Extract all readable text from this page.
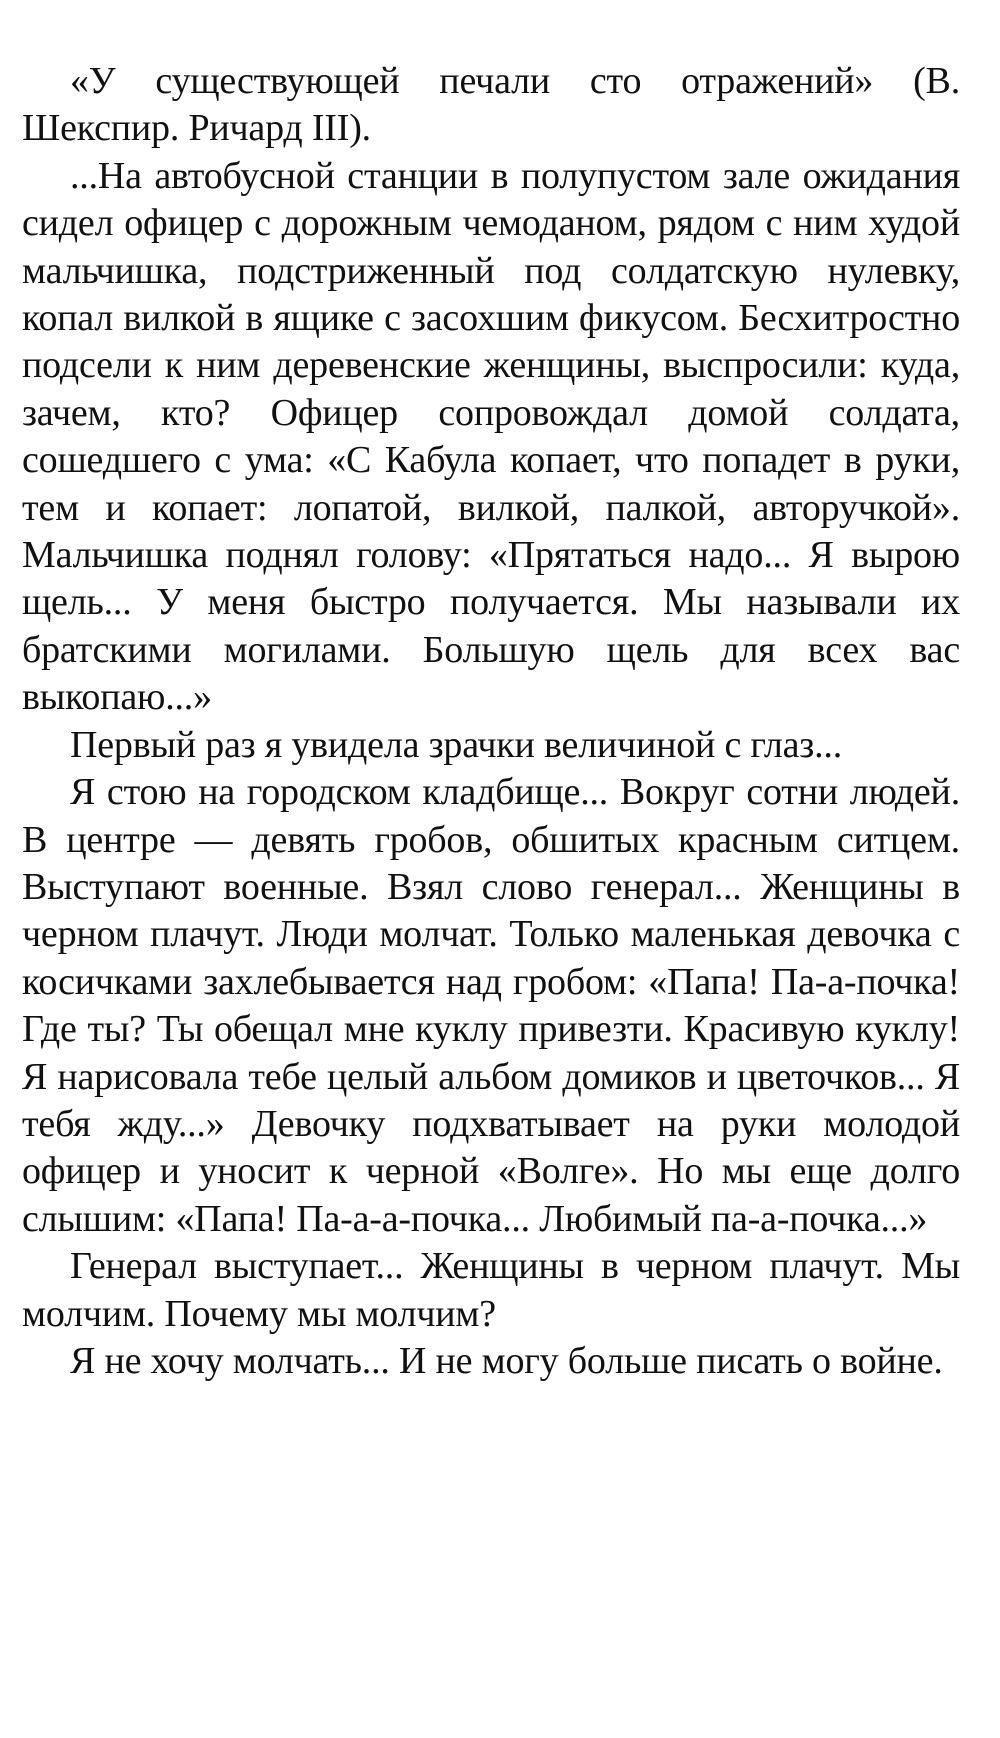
«У существующей печали сто отражений» (В. Шекспир. Ричард III).

...На автобусной станции в полупустом зале ожидания сидел офицер с дорожным чемоданом, рядом с ним худой мальчишка, подстриженный под солдатскую нулевку, копал вилкой в ящике с засохшим фикусом. Бесхитростно подсели к ним деревенские женщины, выспросили: куда, зачем, кто? Офицер сопровождал домой солдата, сошедшего с ума: «С Кабула копает, что попадет в руки, тем и копает: лопатой, вилкой, палкой, авторучкой». Мальчишка поднял голову: «Прятаться надо... Я вырою щель... У меня быстро получается. Мы называли их братскими могилами. Большую щель для всех вас выкопаю...»

Первый раз я увидела зрачки величиной с глаз...

Я стою на городском кладбище... Вокруг сотни людей. В центре — девять гробов, обшитых красным ситцем. Выступают военные. Взял слово генерал... Женщины в черном плачут. Люди молчат. Только маленькая девочка с косичками захлебывается над гробом: «Папа! Па-а-почка! Где ты? Ты обещал мне куклу привезти. Красивую куклу! Я нарисовала тебе целый альбом домиков и цветочков... Я тебя жду...» Девочку подхватывает на руки молодой офицер и уносит к черной «Волге». Но мы еще долго слышим: «Папа! Па-а-а-почка... Любимый па-а-почка...»

Генерал выступает... Женщины в черном плачут. Мы молчим. Почему мы молчим?

Я не хочу молчать... И не могу больше писать о войне.
